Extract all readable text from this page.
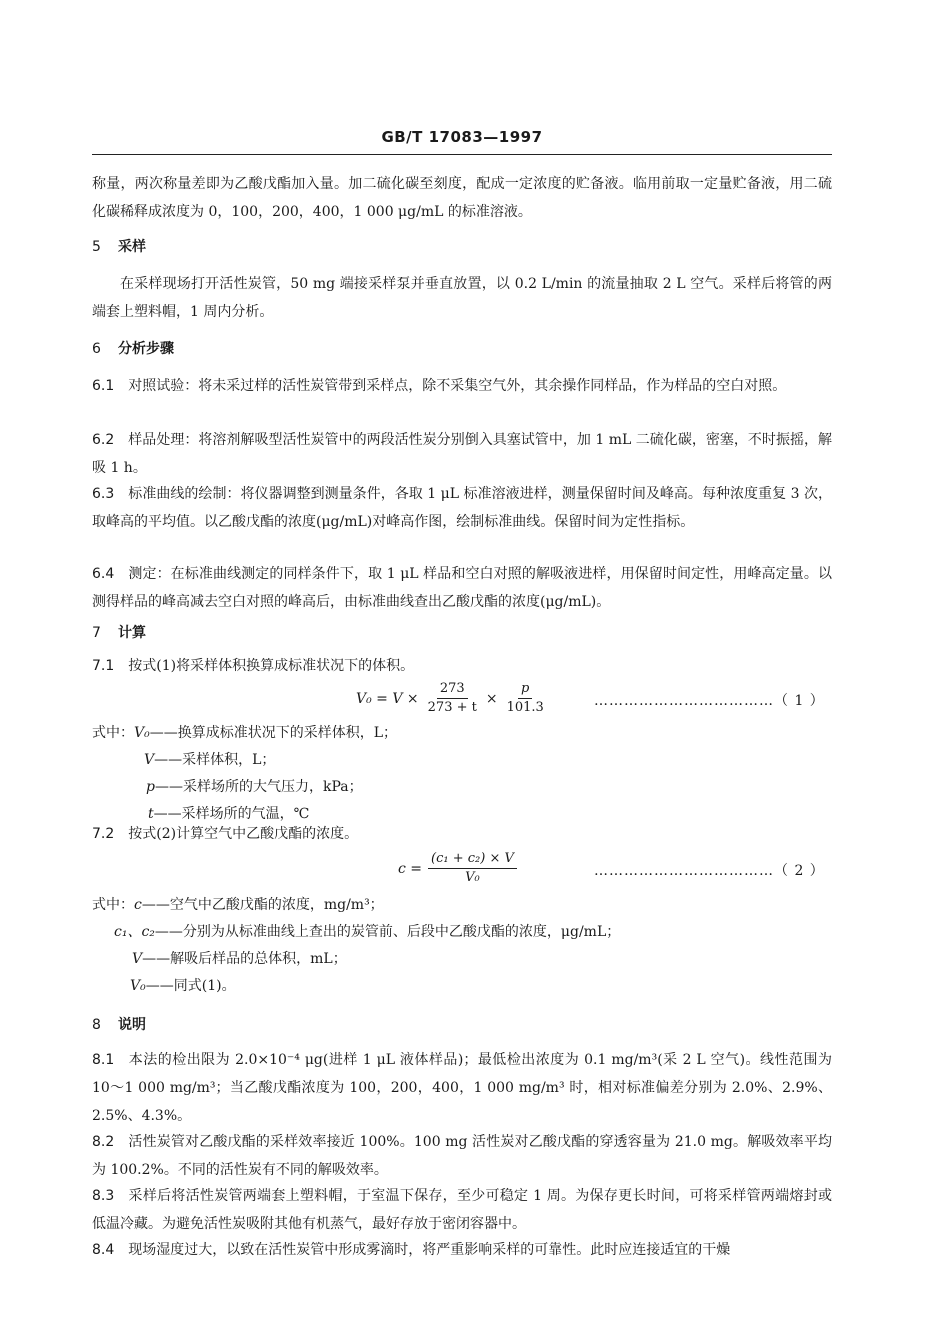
GB/T 17083—1997

称量，两次称量差即为乙酸戊酯加入量。加二硫化碳至刻度，配成一定浓度的贮备液。临用前取一定量贮备液，用二硫化碳稀释成浓度为 0，100，200，400，1 000 μg/mL 的标准溶液。

5 采样

在采样现场打开活性炭管，50 mg 端接采样泵并垂直放置，以 0.2 L/min 的流量抽取 2 L 空气。采样后将管的两端套上塑料帽，1 周内分析。

6 分析步骤

6.1 对照试验：将未采过样的活性炭管带到采样点，除不采集空气外，其余操作同样品，作为样品的空白对照。

6.2 样品处理：将溶剂解吸型活性炭管中的两段活性炭分别倒入具塞试管中，加 1 mL 二硫化碳，密塞，不时振摇，解吸 1 h。

6.3 标准曲线的绘制：将仪器调整到测量条件，各取 1 μL 标准溶液进样，测量保留时间及峰高。每种浓度重复 3 次，取峰高的平均值。以乙酸戊酯的浓度(μg/mL)对峰高作图，绘制标准曲线。保留时间为定性指标。

6.4 测定：在标准曲线测定的同样条件下，取 1 μL 样品和空白对照的解吸液进样，用保留时间定性，用峰高定量。以测得样品的峰高减去空白对照的峰高后，由标准曲线查出乙酸戊酯的浓度(μg/mL)。

7 计算

7.1 按式(1)将采样体积换算成标准状况下的体积。

$V_0 = V \times \frac{273}{273 + t} \times \frac{p}{101.3}$	………………………………（ 1 ）
式中：V₀——换算成标准状况下的采样体积，L；
V——采样体积，L；
p——采样场所的大气压力，kPa；
t——采样场所的气温，℃

7.2 按式(2)计算空气中乙酸戊酯的浓度。

$c = \frac{\text{(c₁ + c₂) × V}}{\text{V₀}}$	………………………………（ 2 ）
式中：c——空气中乙酸戊酯的浓度，mg/m³；
c₁、c₂——分别为从标准曲线上查出的炭管前、后段中乙酸戊酯的浓度，μg/mL；
V——解吸后样品的总体积，mL；
V₀——同式(1)。
8 说明

8.1 本法的检出限为 2.0×10⁻⁴ μg(进样 1 μL 液体样品)；最低检出浓度为 0.1 mg/m³(采 2 L 空气)。线性范围为 10～1 000 mg/m³；当乙酸戊酯浓度为 100，200，400，1 000 mg/m³ 时，相对标准偏差分别为 2.0%、2.9%、2.5%、4.3%。

8.2 活性炭管对乙酸戊酯的采样效率接近 100%。100 mg 活性炭对乙酸戊酯的穿透容量为 21.0 mg。解吸效率平均为 100.2%。不同的活性炭有不同的解吸效率。

8.3 采样后将活性炭管两端套上塑料帽，于室温下保存，至少可稳定 1 周。为保存更长时间，可将采样管两端熔封或低温冷藏。为避免活性炭吸附其他有机蒸气，最好存放于密闭容器中。

8.4 现场湿度过大，以致在活性炭管中形成雾滴时，将严重影响采样的可靠性。此时应连接适宜的干燥
